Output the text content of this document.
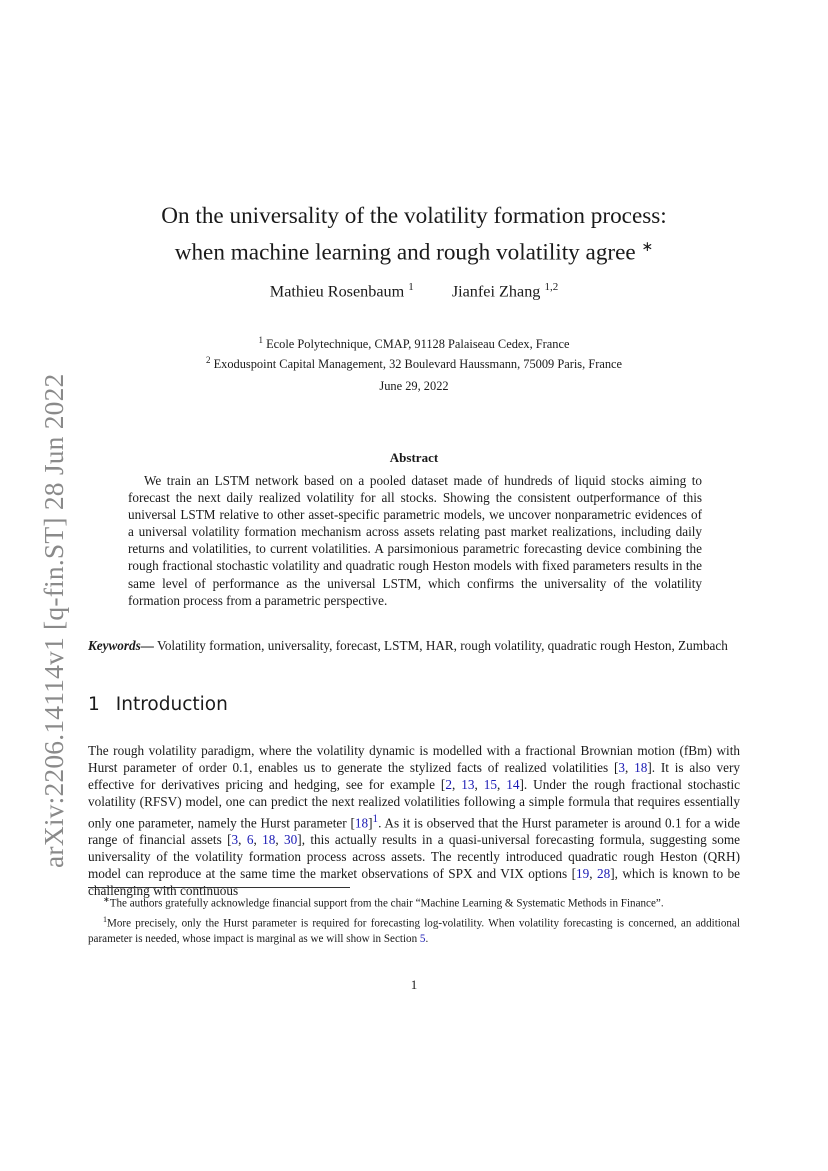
arXiv:2206.14114v1 [q-fin.ST] 28 Jun 2022
On the universality of the volatility formation process:
when machine learning and rough volatility agree ∗
Mathieu Rosenbaum $^1$ Jianfei Zhang $^{1,2}$
$^1$ Ecole Polytechnique, CMAP, 91128 Palaiseau Cedex, France
$^2$ Exoduspoint Capital Management, 32 Boulevard Haussmann, 75009 Paris, France
June 29, 2022
Abstract

We train an LSTM network based on a pooled dataset made of hundreds of liquid stocks aiming to forecast the next daily realized volatility for all stocks. Showing the consistent outperformance of this universal LSTM relative to other asset-specific parametric models, we uncover nonparametric evidences of a universal volatility formation mechanism across assets relating past market realizations, including daily returns and volatilities, to current volatilities. A parsimonious parametric forecasting device combining the rough fractional stochastic volatility and quadratic rough Heston models with fixed parameters results in the same level of performance as the universal LSTM, which confirms the universality of the volatility formation process from a parametric perspective.

Keywords— Volatility formation, universality, forecast, LSTM, HAR, rough volatility, quadratic rough Heston, Zumbach

1 Introduction

The rough volatility paradigm, where the volatility dynamic is modelled with a fractional Brownian motion (fBm) with Hurst parameter of order 0.1, enables us to generate the stylized facts of realized volatilities [3, 18]. It is also very effective for derivatives pricing and hedging, see for example [2, 13, 15, 14]. Under the rough fractional stochastic volatility (RFSV) model, one can predict the next realized volatilities following a simple formula that requires essentially only one parameter, namely the Hurst parameter $[18]^1$. As it is observed that the Hurst parameter is around 0.1 for a wide range of financial assets [3, 6, 18, 30], this actually results in a quasi-universal forecasting formula, suggesting some universality of the volatility formation process across assets. The recently introduced quadratic rough Heston (QRH) model can reproduce at the same time the market observations of SPX and VIX options [19, 28], which is known to be challenging with continuous

∗The authors gratefully acknowledge financial support from the chair “Machine Learning & Systematic Methods in Finance”.

$^1$More precisely, only the Hurst parameter is required for forecasting log-volatility. When volatility forecasting is concerned, an additional parameter is needed, whose impact is marginal as we will show in Section 5.

1
